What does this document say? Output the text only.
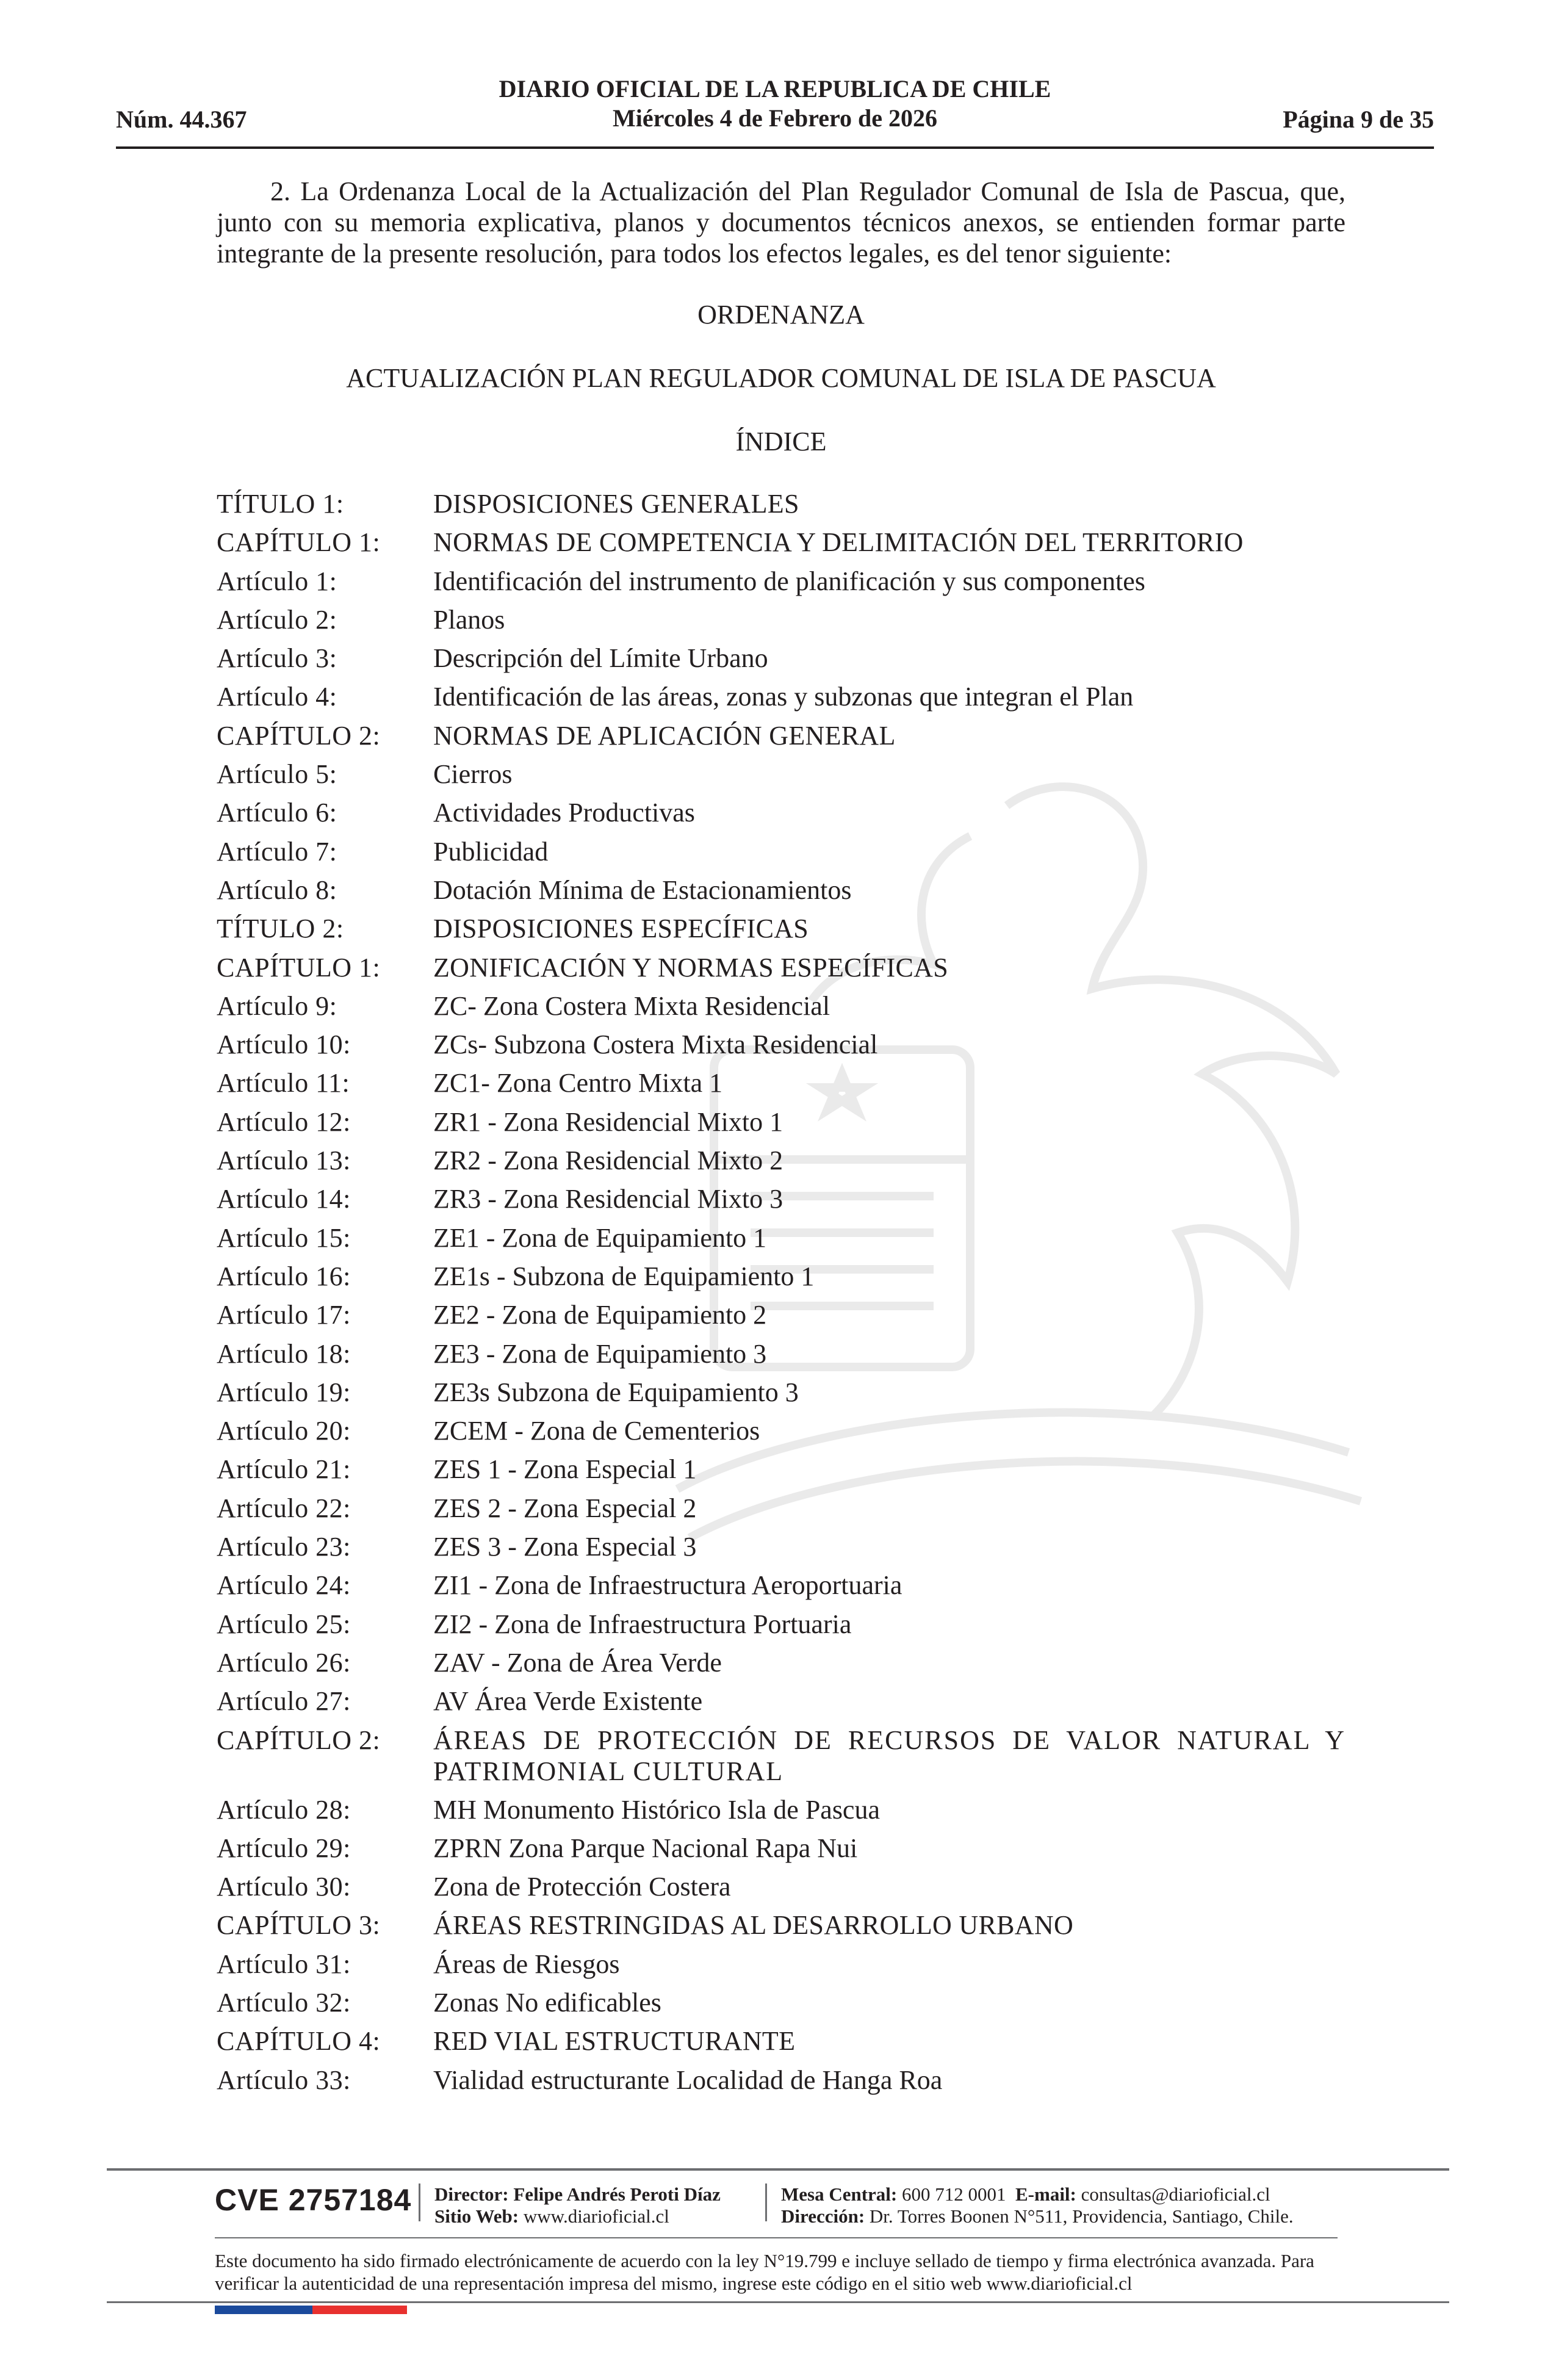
Núm. 44.367
DIARIO OFICIAL DE LA REPUBLICA DE CHILE
Miércoles 4 de Febrero de 2026	Página 9 de 35
2. La Ordenanza Local de la Actualización del Plan Regulador Comunal de Isla de Pascua, que, junto con su memoria explicativa, planos y documentos técnicos anexos, se entienden formar parte integrante de la presente resolución, para todos los efectos legales, es del tenor siguiente:
ORDENANZA
ACTUALIZACIÓN PLAN REGULADOR COMUNAL DE ISLA DE PASCUA
ÍNDICE
TÍTULO 1:	DISPOSICIONES GENERALES
CAPÍTULO 1:	NORMAS DE COMPETENCIA Y DELIMITACIÓN DEL TERRITORIO
Artículo 1:	Identificación del instrumento de planificación y sus componentes
Artículo 2:	Planos
Artículo 3:	Descripción del Límite Urbano
Artículo 4:	Identificación de las áreas, zonas y subzonas que integran el Plan
CAPÍTULO 2:	NORMAS DE APLICACIÓN GENERAL
Artículo 5:	Cierros
Artículo 6:	Actividades Productivas
Artículo 7:	Publicidad
Artículo 8:	Dotación Mínima de Estacionamientos
TÍTULO 2:	DISPOSICIONES ESPECÍFICAS
CAPÍTULO 1:	ZONIFICACIÓN Y NORMAS ESPECÍFICAS
Artículo 9:	ZC- Zona Costera Mixta Residencial
Artículo 10:	ZCs- Subzona Costera Mixta Residencial
Artículo 11:	ZC1- Zona Centro Mixta 1
Artículo 12:	ZR1 - Zona Residencial Mixto 1
Artículo 13:	ZR2 - Zona Residencial Mixto 2
Artículo 14:	ZR3 - Zona Residencial Mixto 3
Artículo 15:	ZE1 - Zona de Equipamiento 1
Artículo 16:	ZE1s - Subzona de Equipamiento 1
Artículo 17:	ZE2 - Zona de Equipamiento 2
Artículo 18:	ZE3 - Zona de Equipamiento 3
Artículo 19:	ZE3s Subzona de Equipamiento 3
Artículo 20:	ZCEM - Zona de Cementerios
Artículo 21:	ZES 1 - Zona Especial 1
Artículo 22:	ZES 2 - Zona Especial 2
Artículo 23:	ZES 3 - Zona Especial 3
Artículo 24:	ZI1 - Zona de Infraestructura Aeroportuaria
Artículo 25:	ZI2 - Zona de Infraestructura Portuaria
Artículo 26:	ZAV - Zona de Área Verde
Artículo 27:	AV Área Verde Existente
CAPÍTULO 2:	ÁREAS DE PROTECCIÓN DE RECURSOS DE VALOR NATURAL Y PATRIMONIAL CULTURAL
Artículo 28:	MH Monumento Histórico Isla de Pascua
Artículo 29:	ZPRN Zona Parque Nacional Rapa Nui
Artículo 30:	Zona de Protección Costera
CAPÍTULO 3:	ÁREAS RESTRINGIDAS AL DESARROLLO URBANO
Artículo 31:	Áreas de Riesgos
Artículo 32:	Zonas No edificables
CAPÍTULO 4:	RED VIAL ESTRUCTURANTE
Artículo 33:	Vialidad estructurante Localidad de Hanga Roa
CVE 2757184 Director: Felipe Andrés Peroti Díaz
Sitio Web: www.diarioficial.cl
Mesa Central: 600 712 0001 E-mail: consultas@diarioficial.cl
Dirección: Dr. Torres Boonen N°511, Providencia, Santiago, Chile.
Este documento ha sido firmado electrónicamente de acuerdo con la ley N°19.799 e incluye sellado de tiempo y firma electrónica avanzada. Para verificar la autenticidad de una representación impresa del mismo, ingrese este código en el sitio web www.diarioficial.cl
